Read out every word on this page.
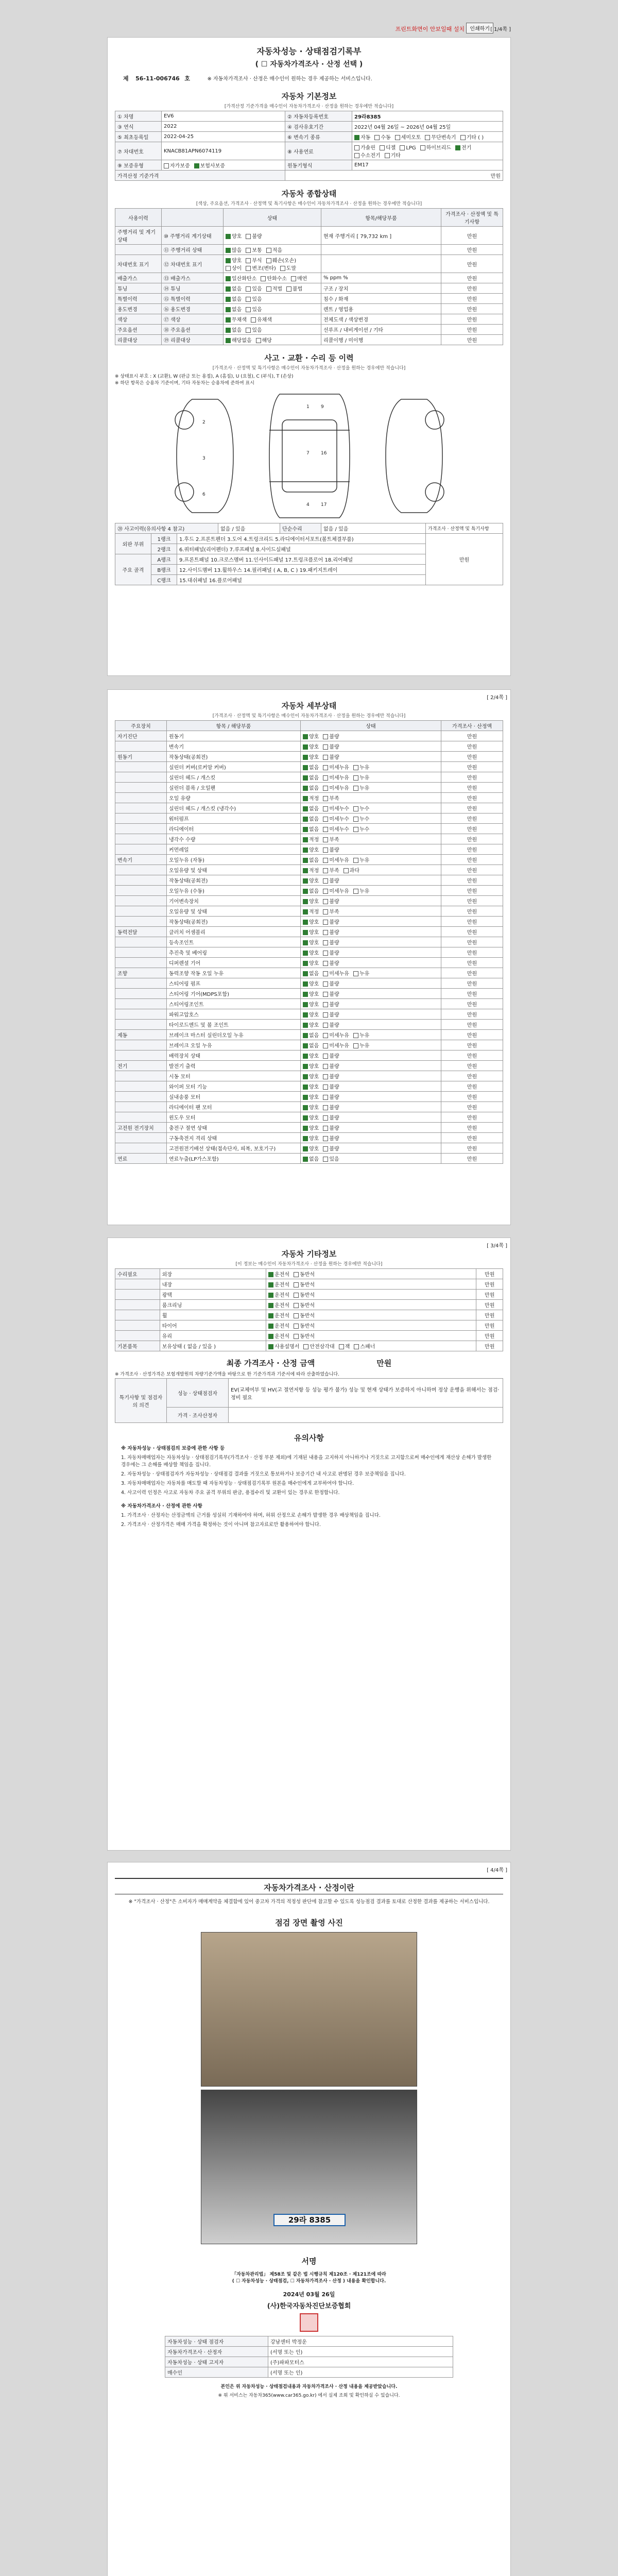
프린트화면이 안보일때 설치	인쇄하기 [ 1/4쪽 ]
자동차성능 · 상태점검기록부
( ☐ 자동차가격조사 · 산정 선택 )
제 56-11-006746 호	※ 자동차가격조사 · 산정은 매수인이 원하는 경우 제공하는 서비스입니다.
자동차 기본정보
[가격산정 기준가격을 매수인이 자동차가격조사 · 산정을 원하는 경우에만 적습니다]
① 차명	EV6	② 자동차등록번호	29라8385
③ 연식	2022	④ 검사유효기간	2022년 04월 26일 ~ 2026년 04월 25일
⑤ 최초등록일	2022-04-25	⑥ 변속기 종류	자동 수동 세미오토 무단변속기 기타 ( )
⑦ 차대번호	KNACB81APN6074119	⑧ 사용연료	가솔린 디젤 LPG 하이브리드 전기수소전기 기타
⑨ 보증유형	자가보증 보험사보증	원동기형식	EM17
가격산정 기준가격		만원	
자동차 종합상태
[색상, 주요옵션, 가격조사 · 산정액 및 특기사항은 매수인이 자동차가격조사 · 산정을 원하는 경우에만 적습니다]
사용이력		상태	항목/해당부품	가격조사 · 산정액 및 특기사항
주행거리 및 계기상태	⑩ 주행거리 계기상태	양호 불량	현재 주행거리 [ 79,732 km ]	만원
	⑪ 주행거리 상태	많음 보통 적음		만원
차대번호 표기	⑫ 차대번호 표기	양호 부식 훼손(오손)상이 변조(변타) 도말		만원
배출가스	⑬ 배출가스	일산화탄소 탄화수소 매연	% ppm %	만원
튜닝	⑭ 튜닝	없음 있음 적법 불법	구조 / 장치	만원
특별이력	⑮ 특별이력	없음 있음	침수 / 화재	만원
용도변경	⑯ 용도변경	없음 있음	렌트 / 영업용	만원
색상	⑰ 색상	무채색 유채색	전체도색 / 색상변경	만원
주요옵션	⑱ 주요옵션	없음 있음	선루프 / 내비게이션 / 기타	만원
리콜대상	⑲ 리콜대상	해당없음 해당	리콜이행 / 미이행	만원
사고 · 교환 · 수리 등 이력
[가격조사 · 산정액 및 특기사항은 매수인이 자동차가격조사 · 산정을 원하는 경우에만 적습니다]
※ 상태표시 부호 : X (교환), W (판금 또는 용접), A (흠집), U (요철), C (부식), T (손상)
※ 하단 항목은 승용차 기준이며, 기타 자동차는 승용차에 준하여 표시
1
7
4
2
3
6
9
16
17
⑳ 사고이력(유의사항 4 참고)	없음 / 있음	단순수리	없음 / 있음	가격조사 · 산정액 및 특기사항
외판 부위	1랭크	1.후드 2.프론트펜더 3.도어 4.트렁크리드 5.라디에이터서포트(볼트체결부품)	만원
	2랭크	6.쿼터패널(리어펜더) 7.루프패널 8.사이드실패널	
주요 골격	A랭크	9.프론트패널 10.크로스멤버 11.인사이드패널 17.트렁크플로어 18.리어패널	
	B랭크	12.사이드멤버 13.휠하우스 14.필러패널 ( A, B, C ) 19.패키지트레이	
	C랭크	15.대쉬패널 16.플로어패널	
[ 2/4쪽 ]
자동차 세부상태
[가격조사 · 산정액 및 특기사항은 매수인이 자동차가격조사 · 산정을 원하는 경우에만 적습니다]
주요장치	항목 / 해당부품	상태	가격조사 · 산정액
자기진단	원동기	양호 불량	만원
	변속기	양호 불량	만원
원동기	작동상태(공회전)	양호 불량	만원
	실린더 커버(로커암 커버)	없음 미세누유 누유	만원
	실린더 헤드 / 개스킷	없음 미세누유 누유	만원
	실린더 블록 / 오일팬	없음 미세누유 누유	만원
	오일 유량	적정 부족	만원
	실린더 헤드 / 개스킷 (냉각수)	없음 미세누수 누수	만원
	워터펌프	없음 미세누수 누수	만원
	라디에이터	없음 미세누수 누수	만원
	냉각수 수량	적정 부족	만원
	커먼레일	양호 불량	만원
변속기	오일누유 (자동)	없음 미세누유 누유	만원
	오일유량 및 상태	적정 부족 과다	만원
	작동상태(공회전)	양호 불량	만원
	오일누유 (수동)	없음 미세누유 누유	만원
	기어변속장치	양호 불량	만원
	오일유량 및 상태	적정 부족	만원
	작동상태(공회전)	양호 불량	만원
동력전달	클러치 어셈블리	양호 불량	만원
	등속조인트	양호 불량	만원
	추진축 및 베어링	양호 불량	만원
	디퍼렌셜 기어	양호 불량	만원
조향	동력조향 작동 오일 누유	없음 미세누유 누유	만원
	스티어링 펌프	양호 불량	만원
	스티어링 기어(MDPS포함)	양호 불량	만원
	스티어링조인트	양호 불량	만원
	파워고압호스	양호 불량	만원
	타이로드엔드 및 볼 조인트	양호 불량	만원
제동	브레이크 마스터 실린더오일 누유	없음 미세누유 누유	만원
	브레이크 오일 누유	없음 미세누유 누유	만원
	배력장치 상태	양호 불량	만원
전기	발전기 출력	양호 불량	만원
	시동 모터	양호 불량	만원
	와이퍼 모터 기능	양호 불량	만원
	실내송풍 모터	양호 불량	만원
	라디에이터 팬 모터	양호 불량	만원
	윈도우 모터	양호 불량	만원
고전원 전기장치	충전구 절연 상태	양호 불량	만원
	구동축전지 격리 상태	양호 불량	만원
	고전원전기배선 상태(접속단자, 피복, 보호기구)	양호 불량	만원
연료	연료누출(LP가스포함)	없음 있음	만원
[ 3/4쪽 ]
자동차 기타정보
[이 정보는 매수인이 자동차가격조사 · 산정을 원하는 경우에만 적습니다]
수리필요	외장	운전석 동반석	만원
	내장	운전석 동반석	만원
	광택	운전석 동반석	만원
	룸크리닝	운전석 동반석	만원
	휠	운전석 동반석	만원
	타이어	운전석 동반석	만원
	유리	운전석 동반석	만원
기본품목	보유상태 ( 없음 / 있음 )	사용설명서 안전삼각대 잭 스패너	만원
최종 가격조사 · 산정 금액	만원
※ 가격조사 · 산정가격은 보험개발원의 차량기준가액을 바탕으로 한 기준가격과 기준서에 따라 산출하였습니다.
특기사항 및 점검자의 의견	성능 · 상태점검자	EV(교체여부 및 HV(고 절연저항 등 성능 평가 불가) 성능 및 현재 상태가 보증하지 아니하며 정상 운행을 위해서는 점검·정비 필요
	가격 · 조사산정자	
유의사항
※ 자동차성능 · 상태점검의 보증에 관한 사항 등
1. 자동차매매업자는 자동차성능 · 상태점검기록부(가격조사 · 산정 부분 제외)에 기재된 내용을 고지하지 아니하거나 거짓으로 고지함으로써 매수인에게 재산상 손해가 발생한 경우에는 그 손해를 배상할 책임을 집니다.
2. 자동차성능 · 상태점검자가 자동차성능 · 상태점검 결과를 거짓으로 통보하거나 보증기간 내 사고로 판명된 경우 보증책임을 집니다.
3. 자동차매매업자는 자동차를 매도할 때 자동차성능 · 상태점검기록부 원본을 매수인에게 교부하여야 합니다.
4. 사고이력 인정은 사고로 자동차 주요 골격 부위의 판금, 용접수리 및 교환이 있는 경우로 한정합니다.
※ 자동차가격조사 · 산정에 관한 사항
1. 가격조사 · 산정자는 산정금액의 근거를 성실히 기재하여야 하며, 허위 산정으로 손해가 발생한 경우 배상책임을 집니다.
2. 가격조사 · 산정가격은 매매 가격을 확정하는 것이 아니며 참고자료로만 활용하여야 합니다.
[ 4/4쪽 ]
자동차가격조사 · 산정이란
※ "가격조사 · 산정"은 소비자가 매매계약을 체결함에 있어 중고차 가격의 적정성 판단에 참고할 수 있도록 성능점검 결과를 토대로 산정한 결과를 제공하는 서비스입니다.
점검 장면 촬영 사진
29라 8385
서명
「자동차관리법」 제58조 및 같은 법 시행규칙 제120조 · 제121조에 따라
( ☐ 자동차성능 · 상태점검, ☐ 자동차가격조사 · 산정 ) 내용을 확인합니다.
2024년 03월 26일
(사)한국자동차진단보증협회
자동차성능 · 상태 점검자	강남센터 박정운
자동차가격조사 · 산정자	(서명 또는 인)
자동차성능 · 상태 고지자	(주)파파모터스
매수인	(서명 또는 인)
본인은 위 자동차성능 · 상태점검내용과 자동차가격조사 · 산정 내용을 제공받았습니다.
※ 위 서비스는 자동차365(www.car365.go.kr) 에서 실제 조회 및 확인하실 수 있습니다.
